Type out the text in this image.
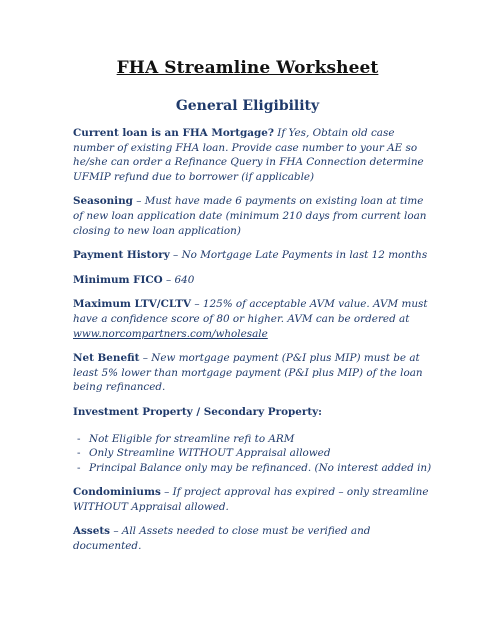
FHA Streamline Worksheet
General Eligibility

Current loan is an FHA Mortgage? If Yes, Obtain old case number of existing FHA loan. Provide case number to your AE so he/she can order a Refinance Query in FHA Connection determine UFMIP refund due to borrower (if applicable)

Seasoning – Must have made 6 payments on existing loan at time of new loan application date (minimum 210 days from current loan closing to new loan application)

Payment History – No Mortgage Late Payments in last 12 months

Minimum FICO – 640

Maximum LTV/CLTV – 125% of acceptable AVM value. AVM must have a confidence score of 80 or higher. AVM can be ordered at www.norcompartners.com/wholesale

Net Benefit – New mortgage payment (P&I plus MIP) must be at least 5% lower than mortgage payment (P&I plus MIP) of the loan being refinanced.

Investment Property / Secondary Property:

- Not Eligible for streamline refi to ARM
- Only Streamline WITHOUT Appraisal allowed
- Principal Balance only may be refinanced. (No interest added in)

Condominiums – If project approval has expired – only streamline WITHOUT Appraisal allowed.

Assets – All Assets needed to close must be verified and documented.
